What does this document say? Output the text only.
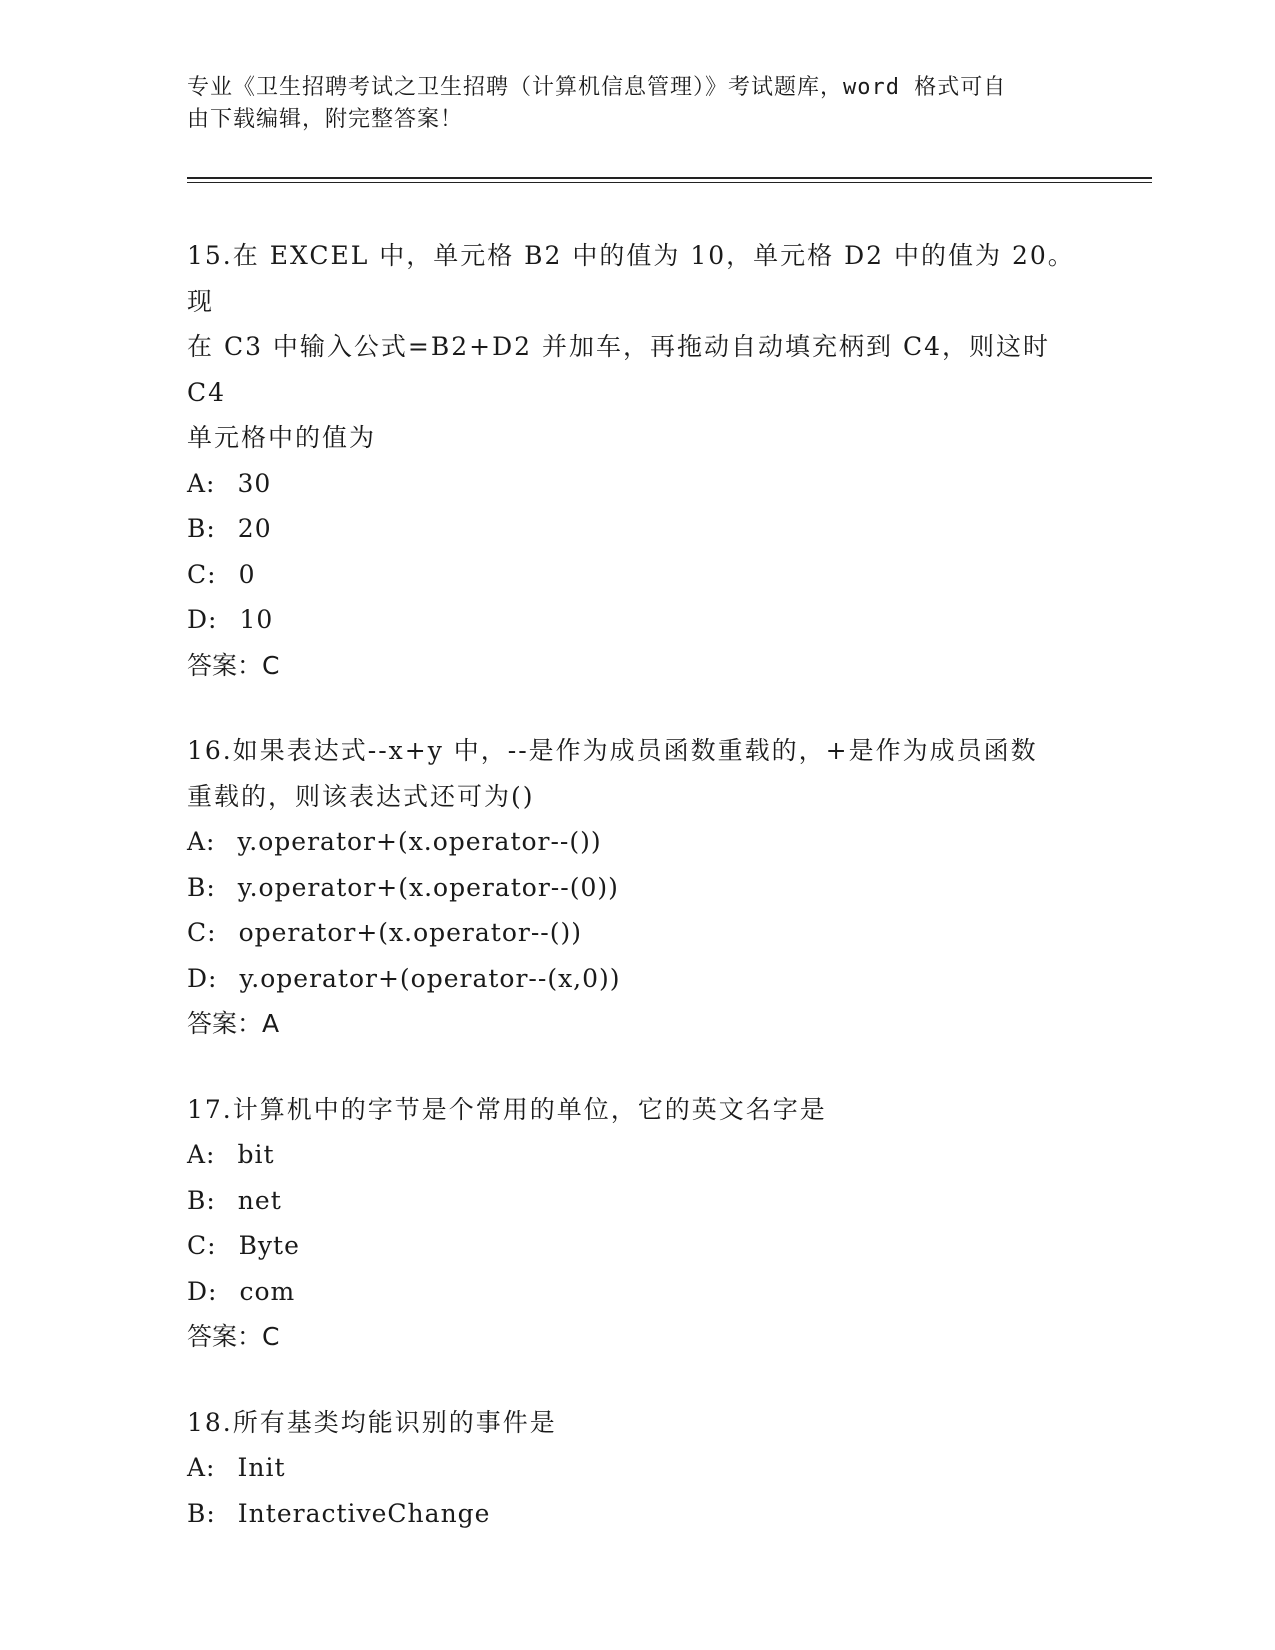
专业《卫生招聘考试之卫生招聘（计算机信息管理）》考试题库，word 格式可自
由下载编辑，附完整答案！

15.在 EXCEL 中，单元格 B2 中的值为 10，单元格 D2 中的值为 20。现

在 C3 中输入公式=B2+D2 并加车，再拖动自动填充柄到 C4，则这时 C4

单元格中的值为

A: 30

B: 20

C: 0

D: 10

答案：C

16.如果表达式--x+y 中，--是作为成员函数重载的，+是作为成员函数

重载的，则该表达式还可为()

A: y.operator+(x.operator--())

B: y.operator+(x.operator--(0))

C: operator+(x.operator--())

D: y.operator+(operator--(x,0))

答案：A

17.计算机中的字节是个常用的单位，它的英文名字是

A: bit

B: net

C: Byte

D: com

答案：C

18.所有基类均能识别的事件是

A: Init

B: InteractiveChange
